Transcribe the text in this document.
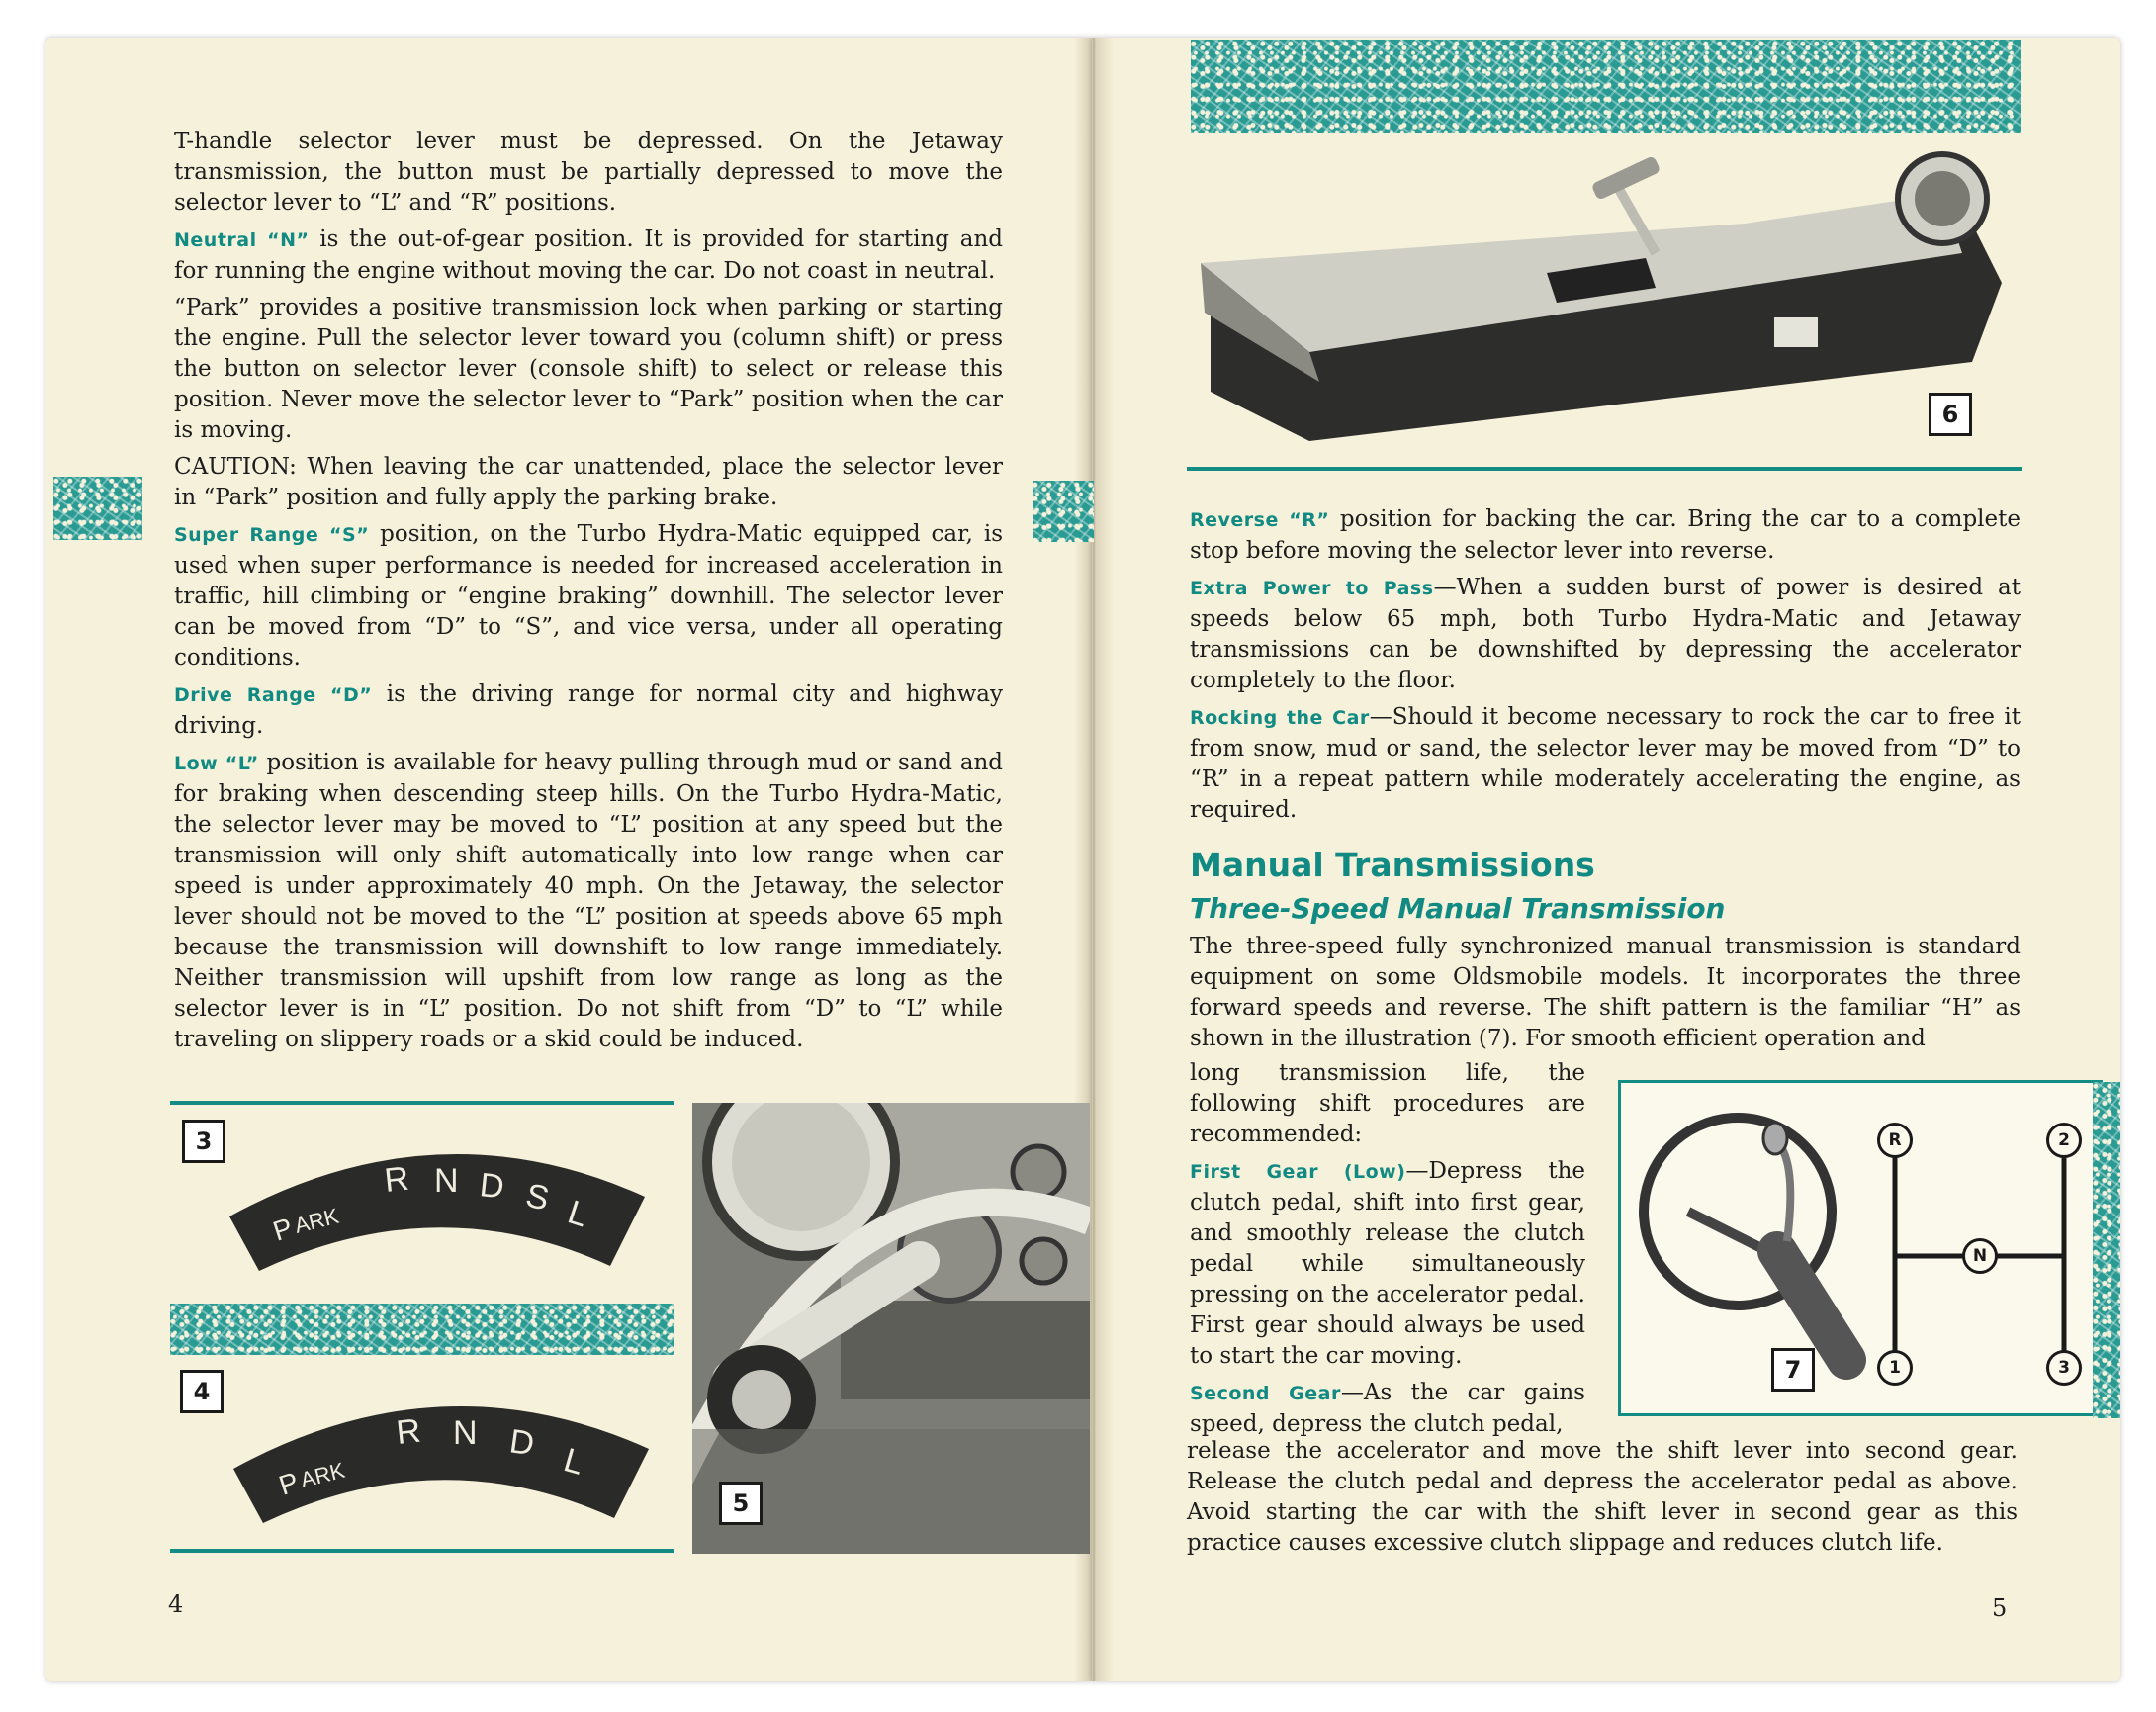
T-handle selector lever must be depressed. On the Jetaway transmission, the button must be partially depressed to move the selector lever to “L” and “R” positions.

Neutral “N” is the out-of-gear position. It is provided for starting and for running the engine without moving the car. Do not coast in neutral.

“Park” provides a positive transmission lock when parking or starting the engine. Pull the selector lever toward you (column shift) or press the button on selector lever (console shift) to select or release this position. Never move the selector lever to “Park” position when the car is moving.

CAUTION: When leaving the car unattended, place the selector lever in “Park” position and fully apply the parking brake.

Super Range “S” position, on the Turbo Hydra-Matic equipped car, is used when super performance is needed for increased acceleration in traffic, hill climbing or “engine braking” downhill. The selector lever can be moved from “D” to “S”, and vice versa, under all operating conditions.

Drive Range “D” is the driving range for normal city and highway driving.

Low “L” position is available for heavy pulling through mud or sand and for braking when descending steep hills. On the Turbo Hydra-Matic, the selector lever may be moved to “L” position at any speed but the transmission will only shift automatically into low range when car speed is under approximately 40 mph. On the Jetaway, the selector lever should not be moved to the “L” position at speeds above 65 mph because the transmission will downshift to low range immediately. Neither transmission will upshift from low range as long as the selector lever is in “L” position. Do not shift from “D” to “L” while traveling on slippery roads or a skid could be induced.

3
P
ARK
R N D S L
4
P
ARK
R N D L
5
4
6

Reverse “R” position for backing the car. Bring the car to a complete stop before moving the selector lever into reverse.

Extra Power to Pass—When a sudden burst of power is desired at speeds below 65 mph, both Turbo Hydra-Matic and Jetaway transmissions can be downshifted by depressing the accelerator completely to the floor.

Rocking the Car—Should it become necessary to rock the car to free it from snow, mud or sand, the selector lever may be moved from “D” to “R” in a repeat pattern while moderately accelerating the engine, as required.

Manual Transmissions
Three-Speed Manual Transmission

The three-speed fully synchronized manual transmission is standard equipment on some Oldsmobile models. It incorporates the three forward speeds and reverse. The shift pattern is the familiar “H” as shown in the illustration (7). For smooth efficient operation and

long transmission life, the following shift procedures are recommended:

First Gear (Low)—Depress the clutch pedal, shift into first gear, and smoothly release the clutch pedal while simultaneously pressing on the accelerator pedal. First gear should always be used to start the car moving.

Second Gear—As the car gains speed, depress the clutch pedal,

release the accelerator and move the shift lever into second gear. Release the clutch pedal and depress the accelerator pedal as above. Avoid starting the car with the shift lever in second gear as this practice causes excessive clutch slippage and reduces clutch life.

R	2
N
1	3
7
5
